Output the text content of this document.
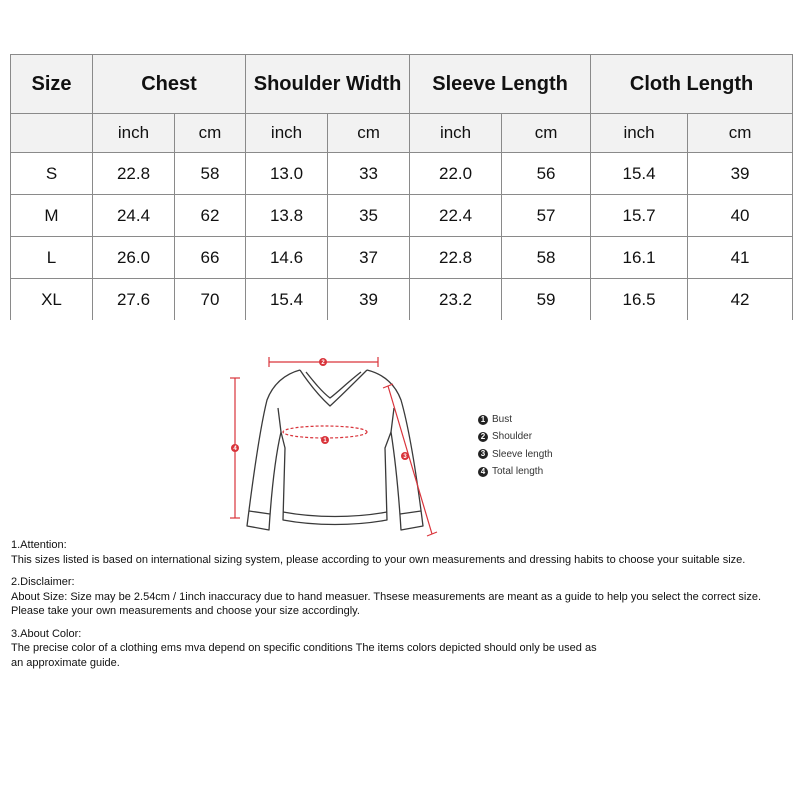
Size	Chest		Shoulder Width		Sleeve Length		Cloth Length	
	inch	cm	inch	cm	inch	cm	inch	cm
S	22.8	58	13.0	33	22.0	56	15.4	39
M	24.4	62	13.8	35	22.4	57	15.7	40
L	26.0	66	14.6	37	22.8	58	16.1	41
XL	27.6	70	15.4	39	23.2	59	16.5	42
2
1
4
3
1 Bust
2 Shoulder
3 Sleeve length
4 Total length

1.Attention:

This sizes listed is based on international sizing system, please according to your own measurements and dressing habits to choose your suitable size.

2.Disclaimer:

About Size: Size may be 2.54cm / 1inch inaccuracy due to hand measuer. Thsese measurements are meant as a guide to help you select the correct size.

Please take your own measurements and choose your size accordingly.

3.About Color:

The precise color of a clothing ems mva depend on specific conditions The items colors depicted should only be used as

an approximate guide.
